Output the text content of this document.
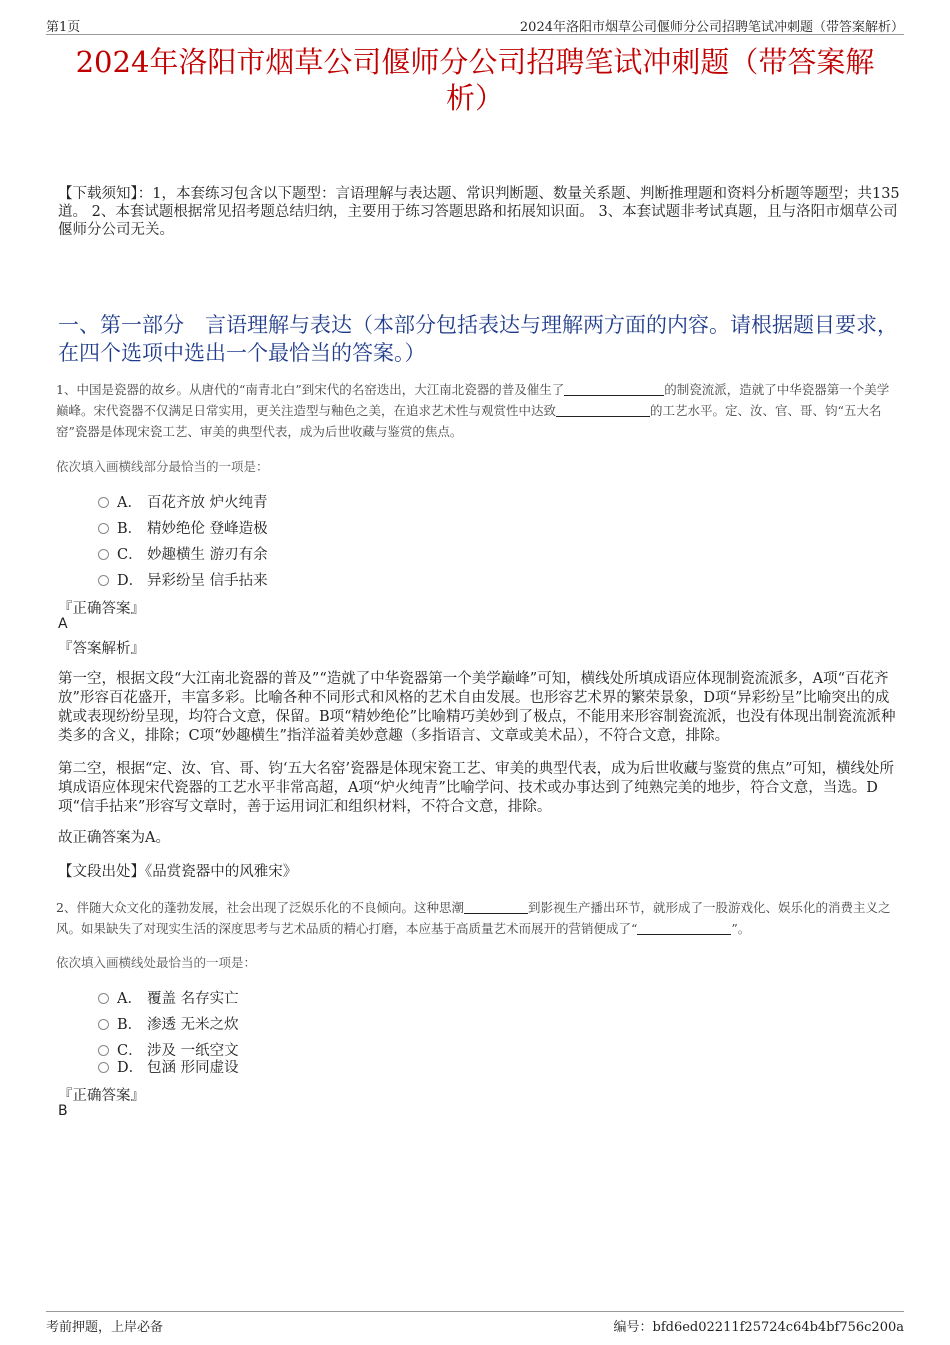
第1页	2024年洛阳市烟草公司偃师分公司招聘笔试冲刺题（带答案解析）
2024年洛阳市烟草公司偃师分公司招聘笔试冲刺题（带答案解
析）
【下载须知】：1，本套练习包含以下题型：言语理解与表达题、常识判断题、数量关系题、判断推理题和资料分析题等题型；共135道。 2、本套试题根据常见招考题总结归纳，主要用于练习答题思路和拓展知识面。 3、本套试题非考试真题，且与洛阳市烟草公司偃师分公司无关。
一、第一部分　言语理解与表达（本部分包括表达与理解两方面的内容。请根据题目要求，在四个选项中选出一个最恰当的答案。）
1、中国是瓷器的故乡。从唐代的“南青北白”到宋代的名窑迭出，大江南北瓷器的普及催生了	的制瓷流派，造就了中华瓷器第一个美学巅峰。宋代瓷器不仅满足日常实用，更关注造型与釉色之美，在追求艺术性与观赏性中达致	的工艺水平。定、汝、官、哥、钧“五大名窑”瓷器是体现宋瓷工艺、审美的典型代表，成为后世收藏与鉴赏的焦点。
依次填入画横线部分最恰当的一项是：
A． 百花齐放 炉火纯青
B． 精妙绝伦 登峰造极
C． 妙趣横生 游刃有余
D． 异彩纷呈 信手拈来
『正确答案』
A
『答案解析』
第一空，根据文段“大江南北瓷器的普及”“造就了中华瓷器第一个美学巅峰”可知，横线处所填成语应体现制瓷流派多，A项“百花齐放”形容百花盛开，丰富多彩。比喻各种不同形式和风格的艺术自由发展。也形容艺术界的繁荣景象，D项“异彩纷呈”比喻突出的成就或表现纷纷呈现，均符合文意，保留。B项“精妙绝伦”比喻精巧美妙到了极点，不能用来形容制瓷流派，也没有体现出制瓷流派种类多的含义，排除；C项“妙趣横生”指洋溢着美妙意趣（多指语言、文章或美术品），不符合文意，排除。
第二空，根据“定、汝、官、哥、钧‘五大名窑’瓷器是体现宋瓷工艺、审美的典型代表，成为后世收藏与鉴赏的焦点”可知，横线处所填成语应体现宋代瓷器的工艺水平非常高超，A项“炉火纯青”比喻学问、技术或办事达到了纯熟完美的地步，符合文意，当选。D项“信手拈来”形容写文章时，善于运用词汇和组织材料，不符合文意，排除。
故正确答案为A。
【文段出处】《品赏瓷器中的风雅宋》
2、伴随大众文化的蓬勃发展，社会出现了泛娱乐化的不良倾向。这种思潮	到影视生产播出环节，就形成了一股游戏化、娱乐化的消费主义之风。如果缺失了对现实生活的深度思考与艺术品质的精心打磨，本应基于高质量艺术而展开的营销便成了“	”。
依次填入画横线处最恰当的一项是：
A． 覆盖 名存实亡
B． 渗透 无米之炊
C． 涉及 一纸空文
D． 包涵 形同虚设
『正确答案』
B
考前押题，上岸必备	编号：bfd6ed02211f25724c64b4bf756c200a
